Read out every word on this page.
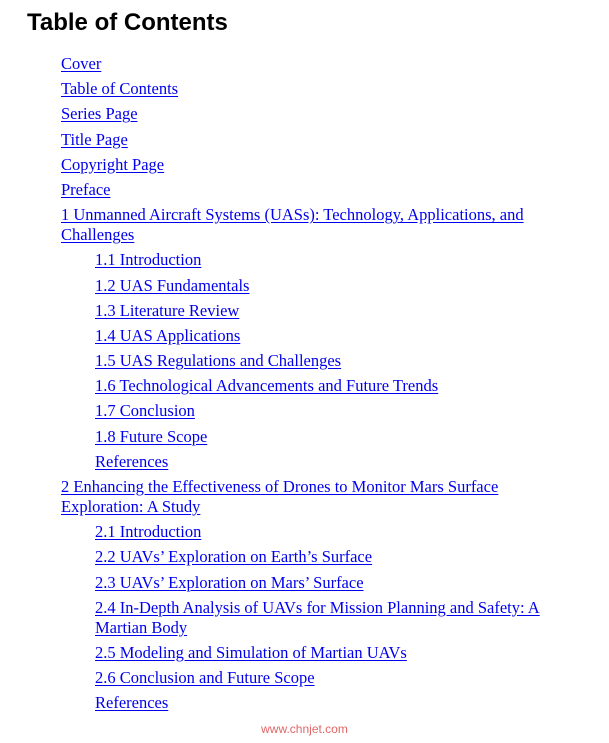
Table of Contents
Cover
Table of Contents
Series Page
Title Page
Copyright Page
Preface
1 Unmanned Aircraft Systems (UASs): Technology, Applications, and Challenges
1.1 Introduction
1.2 UAS Fundamentals
1.3 Literature Review
1.4 UAS Applications
1.5 UAS Regulations and Challenges
1.6 Technological Advancements and Future Trends
1.7 Conclusion
1.8 Future Scope
References
2 Enhancing the Effectiveness of Drones to Monitor Mars Surface Exploration: A Study
2.1 Introduction
2.2 UAVs’ Exploration on Earth’s Surface
2.3 UAVs’ Exploration on Mars’ Surface
2.4 In-Depth Analysis of UAVs for Mission Planning and Safety: A Martian Body
2.5 Modeling and Simulation of Martian UAVs
2.6 Conclusion and Future Scope
References
www.chnjet.com
